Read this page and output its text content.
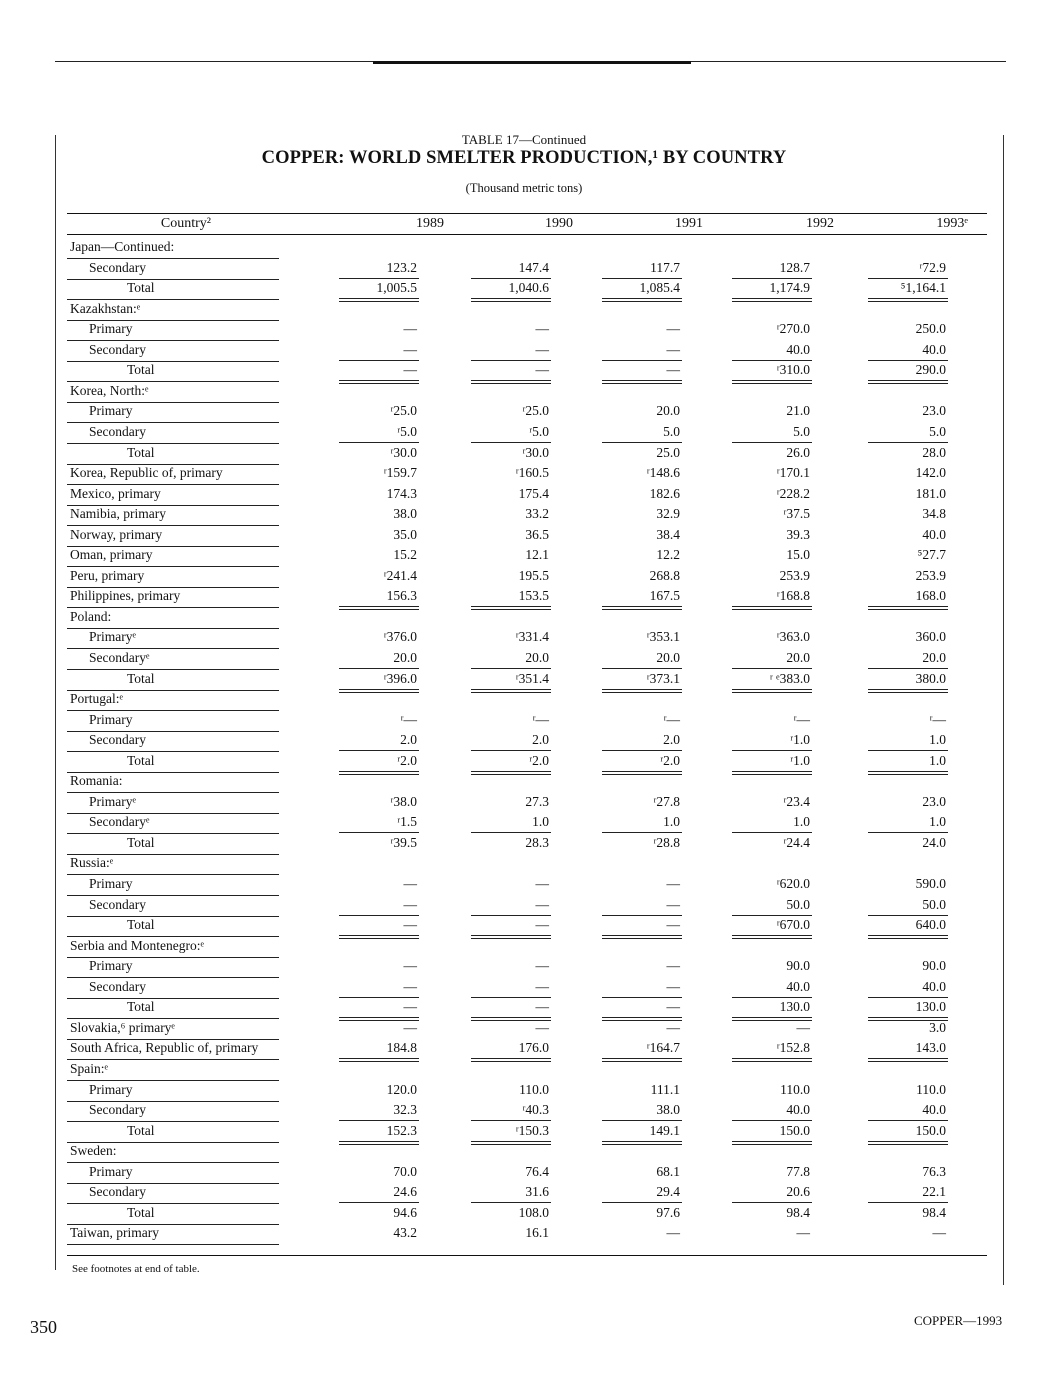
TABLE 17—Continued
COPPER: WORLD SMELTER PRODUCTION,¹ BY COUNTRY
(Thousand metric tons)
Country²	1989	1990	1991	1992	1993ᵉ
Japan—Continued:
Secondary	123.2	147.4	117.7	128.7	ʳ72.9
Total	1,005.5	1,040.6	1,085.4	1,174.9	⁵1,164.1
Kazakhstan:ᵉ
Primary	—	—	—	ʳ270.0	250.0
Secondary	—	—	—	40.0	40.0
Total	—	—	—	ʳ310.0	290.0
Korea, North:ᵉ
Primary	ʳ25.0	ʳ25.0	20.0	21.0	23.0
Secondary	ʳ5.0	ʳ5.0	5.0	5.0	5.0
Total	ʳ30.0	ʳ30.0	25.0	26.0	28.0
Korea, Republic of, primary	ʳ159.7	ʳ160.5	ʳ148.6	ʳ170.1	142.0
Mexico, primary	174.3	175.4	182.6	ʳ228.2	181.0
Namibia, primary	38.0	33.2	32.9	ʳ37.5	34.8
Norway, primary	35.0	36.5	38.4	39.3	40.0
Oman, primary	15.2	12.1	12.2	15.0	⁵27.7
Peru, primary	ʳ241.4	195.5	268.8	253.9	253.9
Philippines, primary	156.3	153.5	167.5	ʳ168.8	168.0
Poland:
Primaryᵉ	ʳ376.0	ʳ331.4	ʳ353.1	ʳ363.0	360.0
Secondaryᵉ	20.0	20.0	20.0	20.0	20.0
Total	ʳ396.0	ʳ351.4	ʳ373.1	ʳ ᵉ383.0	380.0
Portugal:ᵉ
Primary	ʳ—	ʳ—	ʳ—	ʳ—	ʳ—
Secondary	2.0	2.0	2.0	ʳ1.0	1.0
Total	ʳ2.0	ʳ2.0	ʳ2.0	ʳ1.0	1.0
Romania:
Primaryᵉ	ʳ38.0	27.3	ʳ27.8	ʳ23.4	23.0
Secondaryᵉ	ʳ1.5	1.0	1.0	1.0	1.0
Total	ʳ39.5	28.3	ʳ28.8	ʳ24.4	24.0
Russia:ᵉ
Primary	—	—	—	ʳ620.0	590.0
Secondary	—	—	—	50.0	50.0
Total	—	—	—	ʳ670.0	640.0
Serbia and Montenegro:ᵉ
Primary	—	—	—	90.0	90.0
Secondary	—	—	—	40.0	40.0
Total	—	—	—	130.0	130.0
Slovakia,⁶ primaryᵉ	—	—	—	—	3.0
South Africa, Republic of, primary	184.8	176.0	ʳ164.7	ʳ152.8	143.0
Spain:ᵉ
Primary	120.0	110.0	111.1	110.0	110.0
Secondary	32.3	ʳ40.3	38.0	40.0	40.0
Total	152.3	ʳ150.3	149.1	150.0	150.0
Sweden:
Primary	70.0	76.4	68.1	77.8	76.3
Secondary	24.6	31.6	29.4	20.6	22.1
Total	94.6	108.0	97.6	98.4	98.4
Taiwan, primary	43.2	16.1	—	—	—
See footnotes at end of table.
350	COPPER—1993
